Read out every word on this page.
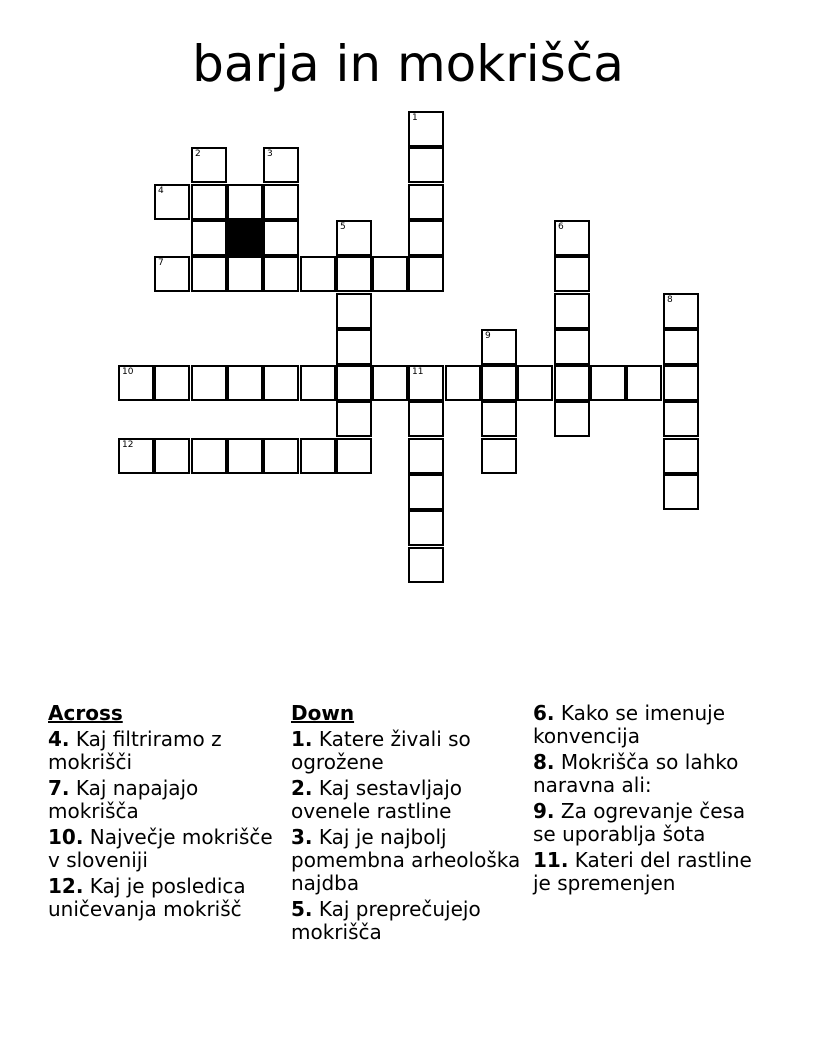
barja in mokrišča
1
2	3
4
5	6
7
8
9
10	11
12
Across
4. Kaj filtriramo z mokrišči
7. Kaj napajajo mokrišča
10. Največje mokrišče v sloveniji
12. Kaj je posledica uničevanja mokrišč
Down
1. Katere živali so ogrožene
2. Kaj sestavljajo ovenele rastline
3. Kaj je najbolj pomembna arheološka najdba
5. Kaj preprečujejo mokrišča
6. Kako se imenuje konvencija
8. Mokrišča so lahko naravna ali:
9. Za ogrevanje česa se uporablja šota
11. Kateri del rastline je spremenjen
